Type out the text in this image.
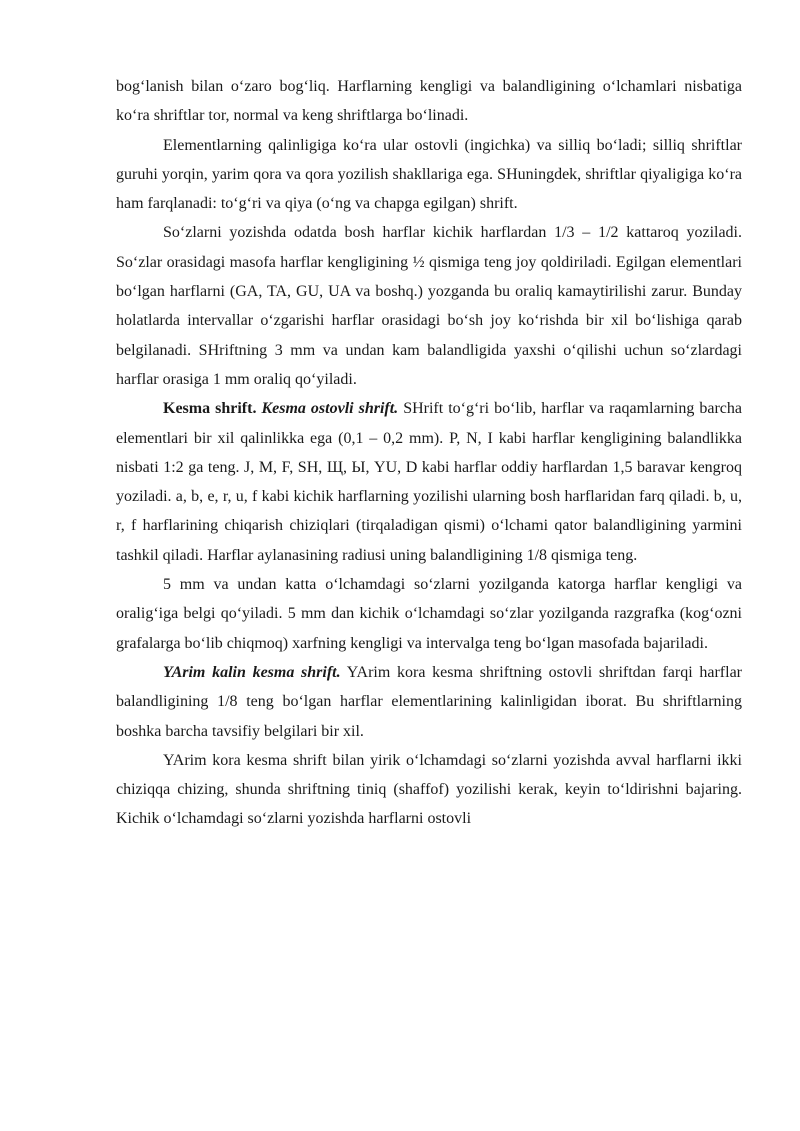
bog‘lanish bilan o‘zaro bog‘liq. Harflarning kengligi va balandligining o‘lchamlari nisbatiga ko‘ra shriftlar tor, normal va keng shriftlarga bo‘linadi.

Elementlarning qalinligiga ko‘ra ular ostovli (ingichka) va silliq bo‘ladi; silliq shriftlar guruhi yorqin, yarim qora va qora yozilish shakllariga ega. SHuningdek, shriftlar qiyaligiga ko‘ra ham farqlanadi: to‘g‘ri va qiya (o‘ng va chapga egilgan) shrift.

So‘zlarni yozishda odatda bosh harflar kichik harflardan 1/3 – 1/2 kattaroq yoziladi. So‘zlar orasidagi masofa harflar kengligining ½ qismiga teng joy qoldiriladi. Egilgan elementlari bo‘lgan harflarni (GA, TA, GU, UA va boshq.) yozganda bu oraliq kamaytirilishi zarur. Bunday holatlarda intervallar o‘zgarishi harflar orasidagi bo‘sh joy ko‘rishda bir xil bo‘lishiga qarab belgilanadi. SHriftning 3 mm va undan kam balandligida yaxshi o‘qilishi uchun so‘zlardagi harflar orasiga 1 mm oraliq qo‘yiladi.

Kesma shrift. Kesma ostovli shrift. SHrift to‘g‘ri bo‘lib, harflar va raqamlarning barcha elementlari bir xil qalinlikka ega (0,1 – 0,2 mm). P, N, I kabi harflar kengligining balandlikka nisbati 1:2 ga teng. J, M, F, SH, Щ, Ы, YU, D kabi harflar oddiy harflardan 1,5 baravar kengroq yoziladi. a, b, e, r, u, f kabi kichik harflarning yozilishi ularning bosh harflaridan farq qiladi. b, u, r, f harflarining chiqarish chiziqlari (tirqaladigan qismi) o‘lchami qator balandligining yarmini tashkil qiladi. Harflar aylanasining radiusi uning balandligining 1/8 qismiga teng.

5 mm va undan katta o‘lchamdagi so‘zlarni yozilganda katorga harflar kengligi va oralig‘iga belgi qo‘yiladi. 5 mm dan kichik o‘lchamdagi so‘zlar yozilganda razgrafka (kog‘ozni grafalarga bo‘lib chiqmoq) xarfning kengligi va intervalga teng bo‘lgan masofada bajariladi.

YArim kalin kesma shrift. YArim kora kesma shriftning ostovli shriftdan farqi harflar balandligining 1/8 teng bo‘lgan harflar elementlarining kalinligidan iborat. Bu shriftlarning boshka barcha tavsifiy belgilari bir xil.

YArim kora kesma shrift bilan yirik o‘lchamdagi so‘zlarni yozishda avval harflarni ikki chiziqqa chizing, shunda shriftning tiniq (shaffof) yozilishi kerak, keyin to‘ldirishni bajaring. Kichik o‘lchamdagi so‘zlarni yozishda harflarni ostovli
